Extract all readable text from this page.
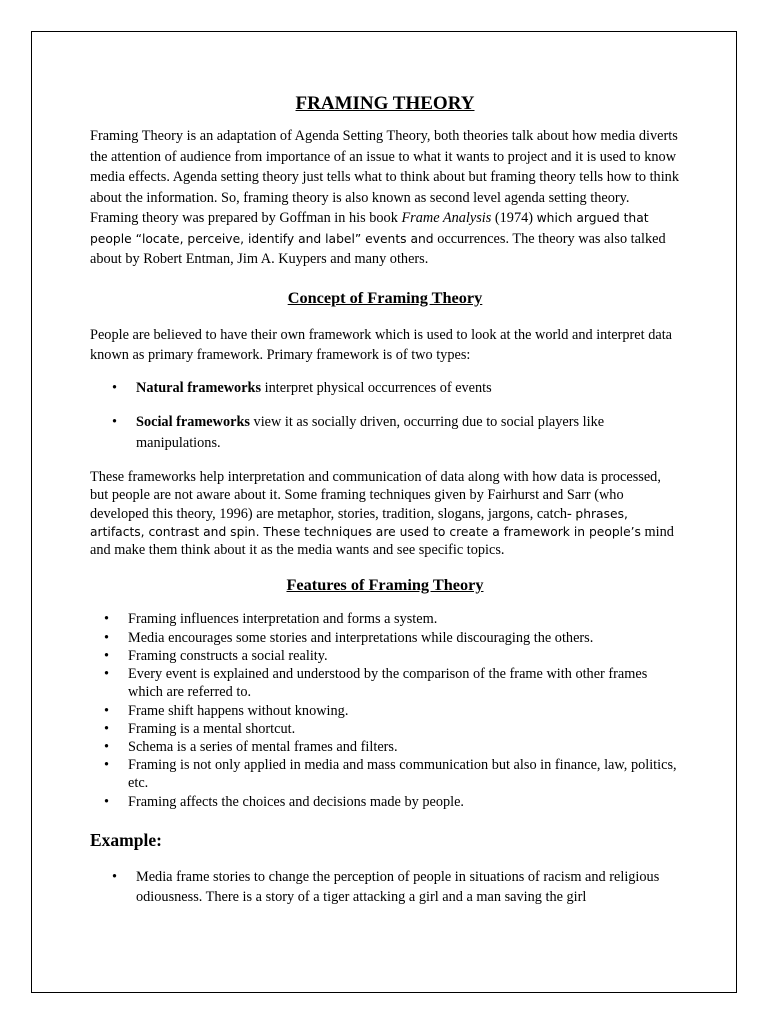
FRAMING THEORY

Framing Theory is an adaptation of Agenda Setting Theory, both theories talk about how media diverts the attention of audience from importance of an issue to what it wants to project and it is used to know media effects. Agenda setting theory just tells what to think about but framing theory tells how to think about the information. So, framing theory is also known as second level agenda setting theory. Framing theory was prepared by Goffman in his book Frame Analysis (1974) which argued that people “locate, perceive, identify and label” events and occurrences. The theory was also talked about by Robert Entman, Jim A. Kuypers and many others.

Concept of Framing Theory

People are believed to have their own framework which is used to look at the world and interpret data known as primary framework. Primary framework is of two types:

• Natural frameworks interpret physical occurrences of events
• Social frameworks view it as socially driven, occurring due to social players like manipulations.

These frameworks help interpretation and communication of data along with how data is processed, but people are not aware about it. Some framing techniques given by Fairhurst and Sarr (who developed this theory, 1996) are metaphor, stories, tradition, slogans, jargons, catch- phrases, artifacts, contrast and spin. These techniques are used to create a framework in people’s mind and make them think about it as the media wants and see specific topics.

Features of Framing Theory
• Framing influences interpretation and forms a system.
• Media encourages some stories and interpretations while discouraging the others.
• Framing constructs a social reality.
• Every event is explained and understood by the comparison of the frame with other frames which are referred to.
• Frame shift happens without knowing.
• Framing is a mental shortcut.
• Schema is a series of mental frames and filters.
• Framing is not only applied in media and mass communication but also in finance, law, politics, etc.
• Framing affects the choices and decisions made by people.
Example:
• Media frame stories to change the perception of people in situations of racism and religious odiousness. There is a story of a tiger attacking a girl and a man saving the girl
